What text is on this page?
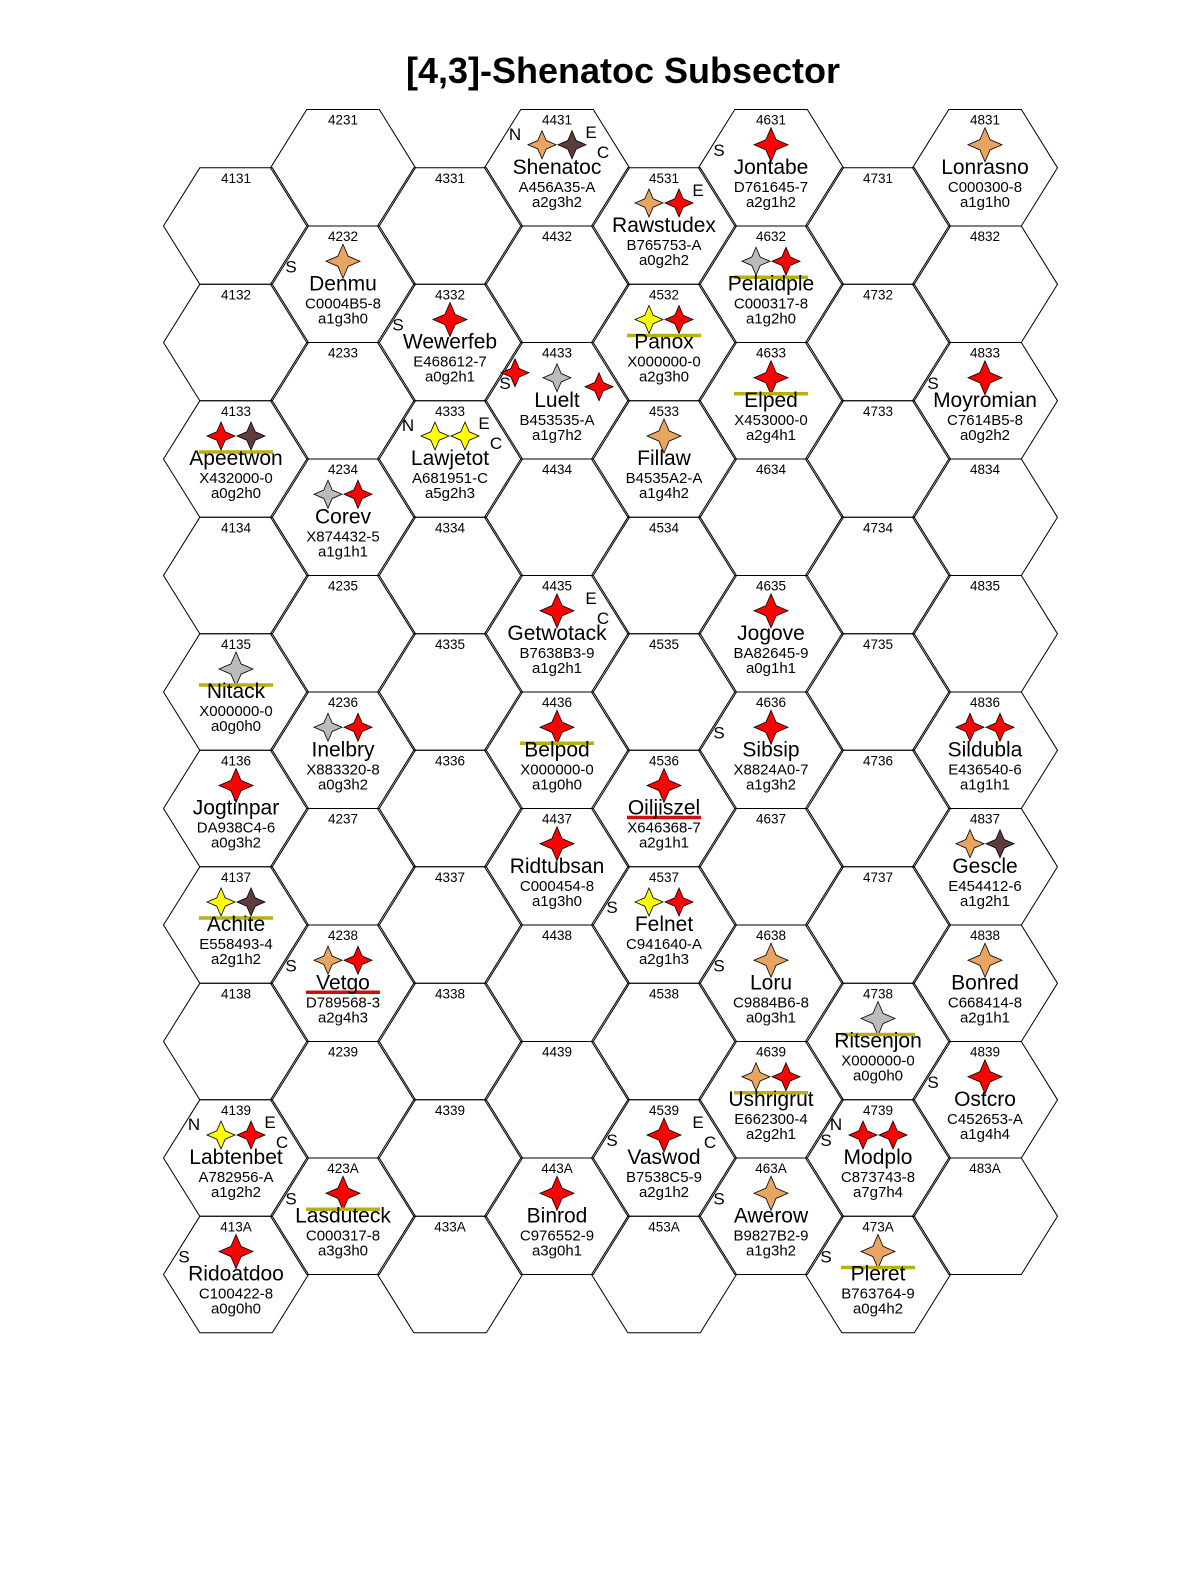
[4,3]-Shenatoc Subsector
4131
4132
4133
4134
4135
4136
4137
4138
4139
413A
4231
4232
4233
4234
4235
4236
4237
4238
4239
423A
4331
4332
4333
4334
4335
4336
4337
4338
4339
433A
4431
4432
4433
4434
4435
4436
4437
4438
4439
443A
4531
4532
4533
4534
4535
4536
4537
4538
4539
453A
4631
4632
4633
4634
4635
4636
4637
4638
4639
463A
4731
4732
4733
4734
4735
4736
4737
4738
4739
473A
4831
4832
4833
4834
4835
4836
4837
4838
4839
483A
N	E
C
Shenatoc
A456A35-A
a2g3h2
S
Jontabe
D761645-7
a2g1h2
Lonrasno
C000300-8
a1g1h0
E
Rawstudex
B765753-A
a0g2h2
S
Denmu
C0004B5-8
a1g3h0
Pelaidple
C000317-8
a1g2h0
S
Wewerfeb
E468612-7
a0g2h1
Panox
X000000-0
a2g3h0
S
Luelt
B453535-A
a1g7h2
Elped
X453000-0
a2g4h1
S
Moyromian
C7614B5-8
a0g2h2
Apeetwon
X432000-0
a0g2h0
N	E
C
Lawjetot
A681951-C
a5g2h3
Fillaw
B4535A2-A
a1g4h2
Corev
X874432-5
a1g1h1
E
C
Getwotack
B7638B3-9
a1g2h1
Jogove
BA82645-9
a0g1h1
Nitack
X000000-0
a0g0h0
Inelbry
X883320-8
a0g3h2
Belpod
X000000-0
a1g0h0
S
Sibsip
X8824A0-7
a1g3h2
Sildubla
E436540-6
a1g1h1
Jogtinpar
DA938C4-6
a0g3h2
Oiljiszel
X646368-7
a2g1h1
Ridtubsan
C000454-8
a1g3h0
Gescle
E454412-6
a1g2h1
Achite
E558493-4
a2g1h2
S
Felnet
C941640-A
a2g1h3
S
Vetgo
D789568-3
a2g4h3
S
Loru
C9884B6-8
a0g3h1
Bonred
C668414-8
a2g1h1
Ritsenjon
X000000-0
a0g0h0
Ushrigrut
E662300-4
a2g2h1
S
Ostcro
C452653-A
a1g4h4
N	E
C
Labtenbet
A782956-A
a1g2h2
S
E
C
Vaswod
B7538C5-9
a2g1h2
N
S
Modplo
C873743-8
a7g7h4
S
Lasduteck
C000317-8
a3g3h0
Binrod
C976552-9
a3g0h1
S
Awerow
B9827B2-9
a1g3h2
S
Ridoatdoo
C100422-8
a0g0h0
S
Pleret
B763764-9
a0g4h2
